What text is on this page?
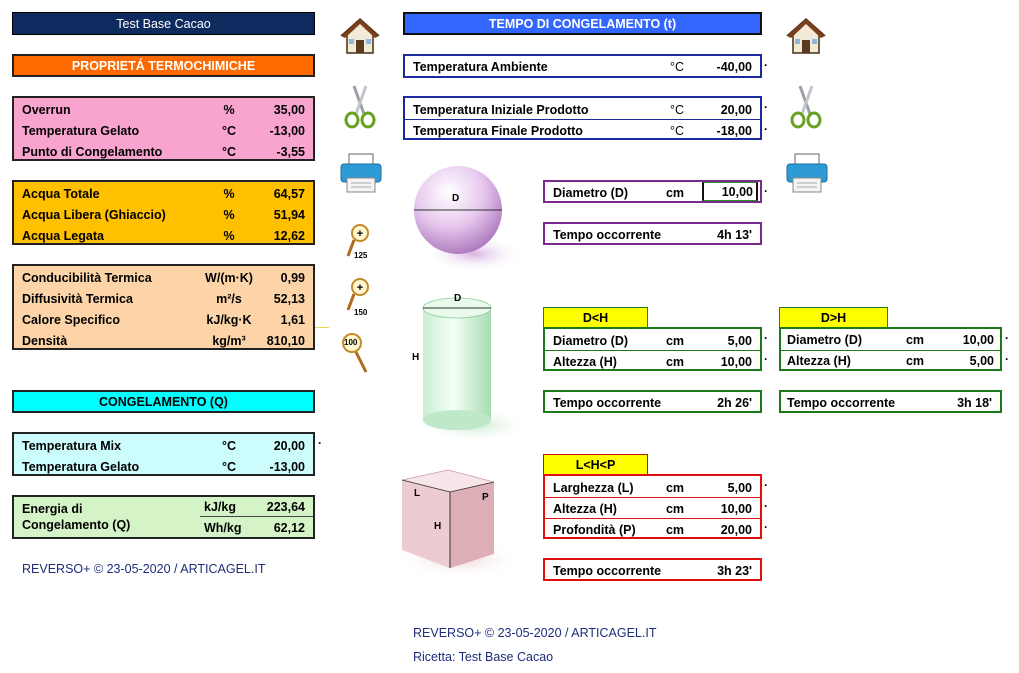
Test Base Cacao
PROPRIETÁ TERMOCHIMICHE
Overrun	%	35,00
Temperatura Gelato	°C	-13,00
Punto di Congelamento	°C	-3,55
Acqua Totale	%	64,57
Acqua Libera (Ghiaccio)	%	51,94
Acqua Legata	%	12,62
Conducibilità Termica	W/(m·K)	0,99
Diffusività Termica	m²/s	52,13
Calore Specifico	kJ/kg·K	1,61
Densità	kg/m³	810,10
CONGELAMENTO (Q)
Temperatura Mix	°C	20,00
Temperatura Gelato	°C	-13,00
·
Energia di
Congelamento (Q)
kJ/kg 223,64
Wh/kg	62,12
REVERSO+ © 23-05-2020 / ARTICAGEL.IT
+
125
+
150
100
TEMPO DI CONGELAMENTO (t)
Temperatura Ambiente	°C	-40,00 ·
Temperatura Iniziale Prodotto	°C	20,00
Temperatura Finale Prodotto	°C	-18,00
·
·
D	Diametro (D)	cm	10,00 ·
Tempo occorrente	4h 13'
D
H
D<H
Diametro (D)	cm	5,00
Altezza (H)	cm	10,00
·
·
Tempo occorrente	2h 26'
D>H
Diametro (D)	cm	10,00
Altezza (H)	cm	5,00
·
·
Tempo occorrente	3h 18'
L	P
H
L<H<P
Larghezza (L)	cm	5,00
Altezza (H)	cm	10,00
Profondità (P) cm	20,00
·
·
·
Tempo occorrente	3h 23'
REVERSO+ © 23-05-2020 / ARTICAGEL.IT
Ricetta: Test Base Cacao
